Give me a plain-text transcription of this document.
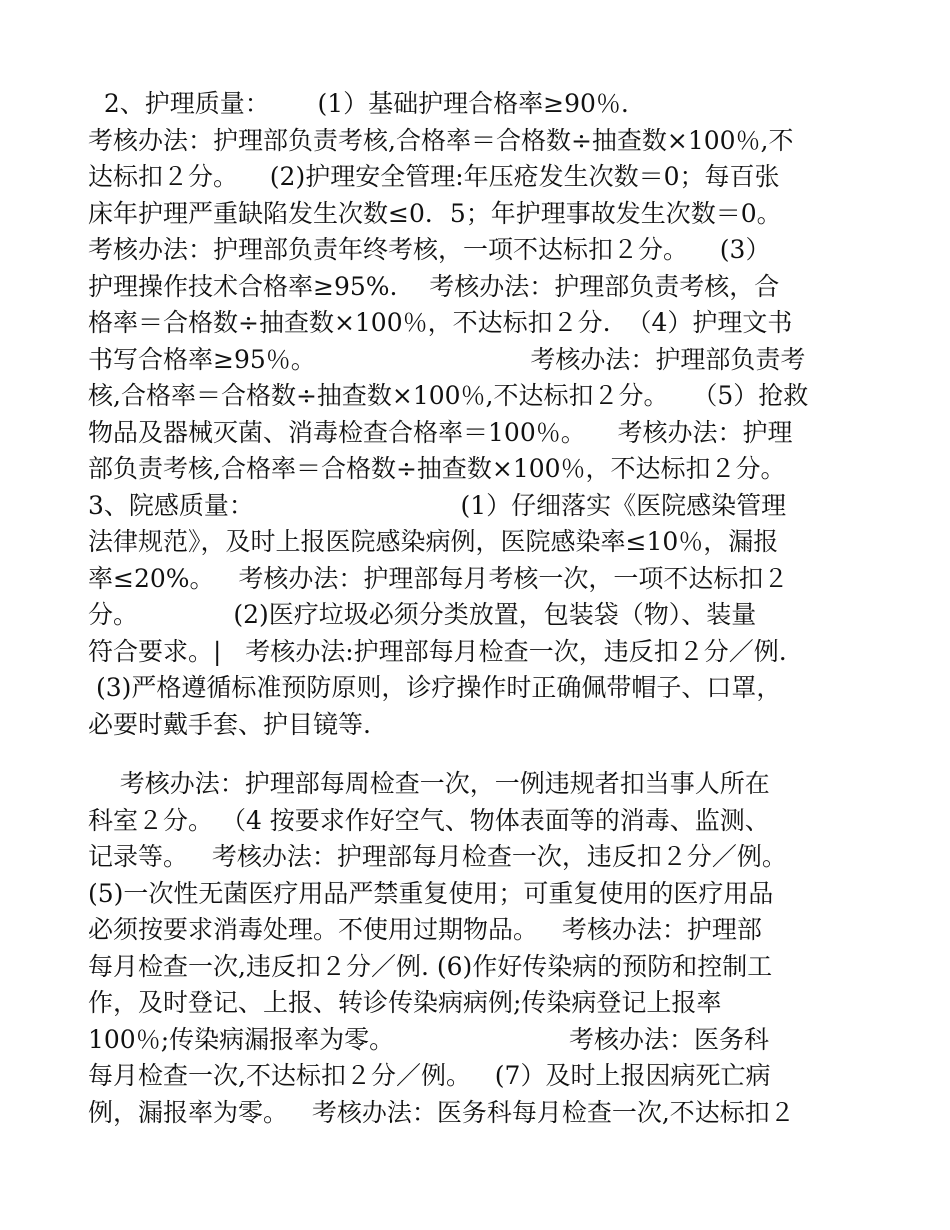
2、护理质量：      (1）基础护理合格率≥90％.
考核办法：护理部负责考核,合格率＝合格数÷抽查数×100％,不
达标扣２分。    (2)护理安全管理:年压疮发生次数＝0；每百张
床年护理严重缺陷发生次数≤0．5；年护理事故发生次数＝0。
考核办法：护理部负责年终考核，一项不达标扣２分。    (3）
护理操作技术合格率≥95%.    考核办法：护理部负责考核，合
格率＝合格数÷抽查数×100％，不达标扣２分.  （4）护理文书
书写合格率≥95％。                           考核办法：护理部负责考
核,合格率＝合格数÷抽查数×100％,不达标扣２分。   （5）抢救
物品及器械灭菌、消毒检查合格率＝100％。    考核办法：护理
部负责考核,合格率＝合格数÷抽查数×100％，不达标扣２分。
3、院感质量：                          (1）仔细落实《医院感染管理
法律规范》，及时上报医院感染病例，医院感染率≤10％，漏报
率≤20%。   考核办法：护理部每月考核一次，一项不达标扣２
分。            (2)医疗垃圾必须分类放置，包装袋（物）、装量
符合要求。|   考核办法:护理部每月检查一次，违反扣２分／例.
(3)严格遵循标准预防原则，诊疗操作时正确佩带帽子、口罩，
必要时戴手套、护目镜等.
考核办法：护理部每周检查一次，一例违规者扣当事人所在
科室２分。 （4 按要求作好空气、物体表面等的消毒、监测、
记录等。   考核办法：护理部每月检查一次，违反扣２分／例。
(5)一次性无菌医疗用品严禁重复使用；可重复使用的医疗用品
必须按要求消毒处理。不使用过期物品。   考核办法：护理部
每月检查一次,违反扣２分／例. (6)作好传染病的预防和控制工
作，及时登记、上报、转诊传染病病例;传染病登记上报率
100％;传染病漏报率为零。                      考核办法：医务科
每月检查一次,不达标扣２分／例。   (7）及时上报因病死亡病
例，漏报率为零。   考核办法：医务科每月检查一次,不达标扣２
